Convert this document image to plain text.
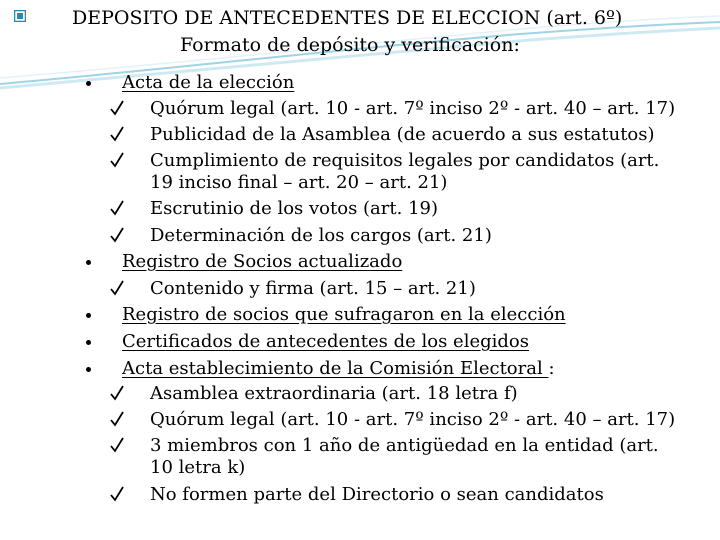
DEPOSITO DE ANTECEDENTES DE ELECCION (art. 6º)
Formato de depósito y verificación:
Acta de la elección
Quórum legal (art. 10 - art. 7º inciso 2º - art. 40 – art. 17)
Publicidad de la Asamblea (de acuerdo a sus estatutos)
Cumplimiento de requisitos legales por candidatos (art.
19 inciso final – art. 20 – art. 21)
Escrutinio de los votos (art. 19)
Determinación de los cargos (art. 21)
Registro de Socios actualizado
Contenido y firma (art. 15 – art. 21)
Registro de socios que sufragaron en la elección
Certificados de antecedentes de los elegidos
Acta establecimiento de la Comisión Electoral :
Asamblea extraordinaria (art. 18 letra f)
Quórum legal (art. 10 - art. 7º inciso 2º - art. 40 – art. 17)
3 miembros con 1 año de antigüedad en la entidad (art.
10 letra k)
No formen parte del Directorio o sean candidatos
